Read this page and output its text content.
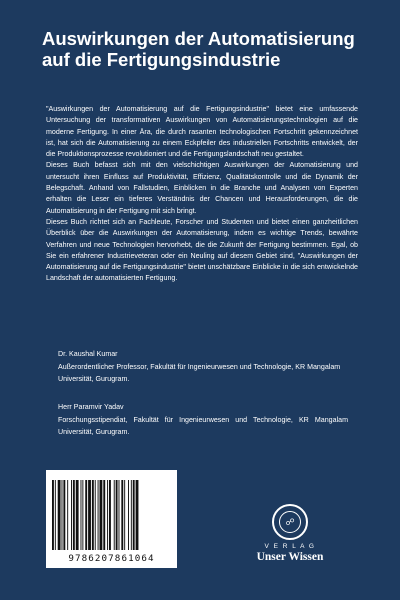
Auswirkungen der Automatisierung auf die Fertigungsindustrie

"Auswirkungen der Automatisierung auf die Fertigungsindustrie" bietet eine umfassende Untersuchung der transformativen Auswirkungen von Automatisierungstechnologien auf die moderne Fertigung. In einer Ära, die durch rasanten technologischen Fortschritt gekennzeichnet ist, hat sich die Automatisierung zu einem Eckpfeiler des industriellen Fortschritts entwickelt, der die Produktionsprozesse revolutioniert und die Fertigungslandschaft neu gestaltet.

Dieses Buch befasst sich mit den vielschichtigen Auswirkungen der Automatisierung und untersucht ihren Einfluss auf Produktivität, Effizienz, Qualitätskontrolle und die Dynamik der Belegschaft. Anhand von Fallstudien, Einblicken in die Branche und Analysen von Experten erhalten die Leser ein tieferes Verständnis der Chancen und Herausforderungen, die die Automatisierung in der Fertigung mit sich bringt.

Dieses Buch richtet sich an Fachleute, Forscher und Studenten und bietet einen ganzheitlichen Überblick über die Auswirkungen der Automatisierung, indem es wichtige Trends, bewährte Verfahren und neue Technologien hervorhebt, die die Zukunft der Fertigung bestimmen. Egal, ob Sie ein erfahrener Industrieveteran oder ein Neuling auf diesem Gebiet sind, "Auswirkungen der Automatisierung auf die Fertigungsindustrie" bietet unschätzbare Einblicke in die sich entwickelnde Landschaft der automatisierten Fertigung.

Dr. Kaushal Kumar
Außerordentlicher Professor, Fakultät für Ingenieurwesen und Technologie, KR Mangalam Universität, Gurugram.
Herr Paramvir Yadav
Forschungsstipendiat, Fakultät für Ingenieurwesen und Technologie, KR Mangalam Universität, Gurugram.
9786207861064
☍
V E R L A G
Unser Wissen
